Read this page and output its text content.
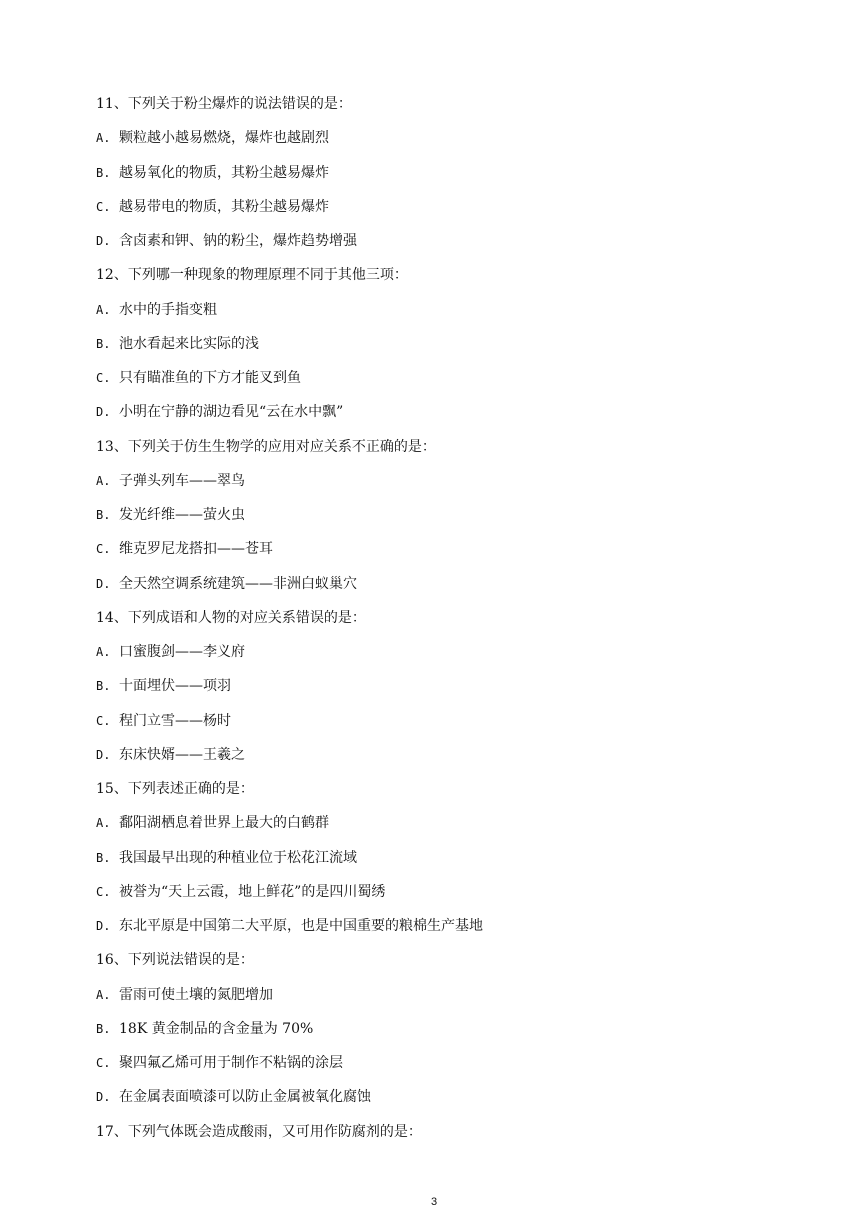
11、下列关于粉尘爆炸的说法错误的是：
A. 颗粒越小越易燃烧，爆炸也越剧烈
B. 越易氧化的物质，其粉尘越易爆炸
C. 越易带电的物质，其粉尘越易爆炸
D. 含卤素和钾、钠的粉尘，爆炸趋势增强
12、下列哪一种现象的物理原理不同于其他三项：
A. 水中的手指变粗
B. 池水看起来比实际的浅
C. 只有瞄准鱼的下方才能叉到鱼
D. 小明在宁静的湖边看见“云在水中飘”
13、下列关于仿生生物学的应用对应关系不正确的是：
A. 子弹头列车——翠鸟
B. 发光纤维——萤火虫
C. 维克罗尼龙搭扣——苍耳
D. 全天然空调系统建筑——非洲白蚁巢穴
14、下列成语和人物的对应关系错误的是：
A. 口蜜腹剑——李义府
B. 十面埋伏——项羽
C. 程门立雪——杨时
D. 东床快婿——王羲之
15、下列表述正确的是：
A. 鄱阳湖栖息着世界上最大的白鹤群
B. 我国最早出现的种植业位于松花江流域
C. 被誉为“天上云霞，地上鲜花”的是四川蜀绣
D. 东北平原是中国第二大平原，也是中国重要的粮棉生产基地
16、下列说法错误的是：
A. 雷雨可使土壤的氮肥增加
B. 18K 黄金制品的含金量为 70%
C. 聚四氟乙烯可用于制作不粘锅的涂层
D. 在金属表面喷漆可以防止金属被氧化腐蚀
17、下列气体既会造成酸雨，又可用作防腐剂的是：
3
